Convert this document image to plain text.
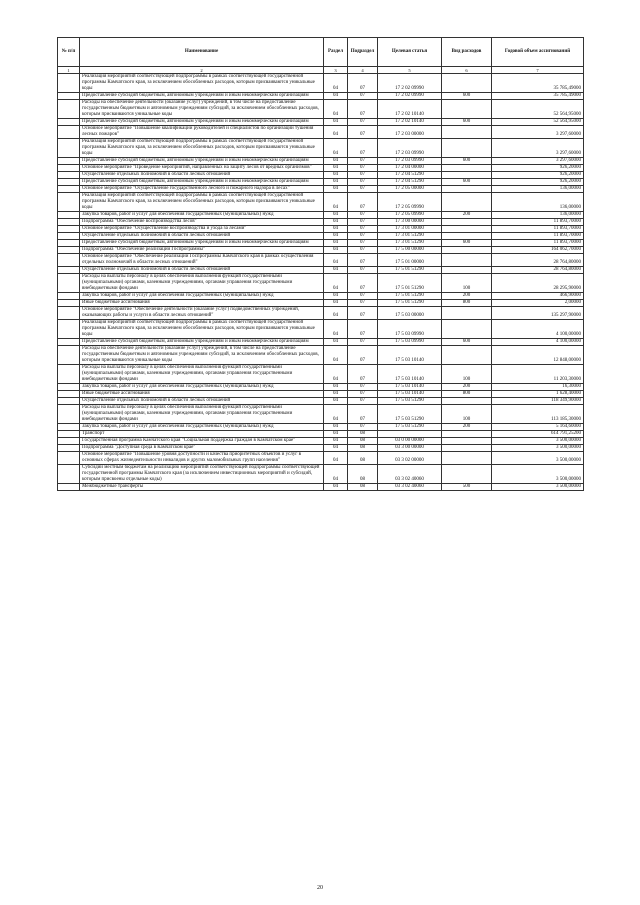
№ п/п	Наименование	Раздел	Подраздел	Целевая статья	Вид расходов	Годовой объем ассигнований
1	2	3	4	5	6	7
	Реализация мероприятий соответствующей подпрограммы в рамках соответствующей государственной программы Камчатского края, за исключением обособленных расходов, которым присваиваются уникальные коды	04	07	17 2 02 09990		35 785,49000
	Предоставление субсидий бюджетным, автономным учреждениям и иным некоммерческим организациям	04	07	17 2 02 09990	600	35 785,49000
	Расходы на обеспечение деятельности (оказание услуг) учреждений, в том числе на предоставление государственным бюджетным и автономным учреждениям субсидий, за исключением обособленных расходов, которым присваиваются уникальные коды	04	07	17 2 02 10140		52 564,95000
	Предоставление субсидий бюджетным, автономным учреждениям и иным некоммерческим организациям	04	07	17 2 02 10140	600	52 564,95000
	Основное мероприятие "Повышение квалификации руководителей и специалистов по организации тушения лесных пожаров"	04	07	17 2 03 00000		3 297,60000
	Реализация мероприятий соответствующей подпрограммы в рамках соответствующей государственной программы Камчатского края, за исключением обособленных расходов, которым присваиваются уникальные коды	04	07	17 2 03 09990		3 297,60000
	Предоставление субсидий бюджетным, автономным учреждениям и иным некоммерческим организациям	04	07	17 2 03 09990	600	3 297,60000
	Основное мероприятие "Проведение мероприятий, направленных на защиту лесов от вредных организмов"	04	07	17 2 04 00000		926,20000
	Осуществление отдельных полномочий в области лесных отношений	04	07	17 2 04 51290		926,20000
	Предоставление субсидий бюджетным, автономным учреждениям и иным некоммерческим организациям	04	07	17 2 04 51290	600	926,20000
	Основное мероприятие "Осуществление государственного лесного и пожарного надзора в лесах"	04	07	17 2 05 00000		136,00000
	Реализация мероприятий соответствующей подпрограммы в рамках соответствующей государственной программы Камчатского края, за исключением обособленных расходов, которым присваиваются уникальные коды	04	07	17 2 05 09990		136,00000
	Закупка товаров, работ и услуг для обеспечения государственных (муниципальных) нужд	04	07	17 2 05 09990	200	136,00000
	Подпрограмма "Обеспечение воспроизводства лесов"	04	07	17 3 00 00000		11 893,70000
	Основное мероприятие "Осуществление воспроизводства и ухода за лесами"	04	07	17 3 01 00000		11 893,70000
	Осуществление отдельных полномочий в области лесных отношений	04	07	17 3 01 51290		11 893,70000
	Предоставление субсидий бюджетным, автономным учреждениям и иным некоммерческим организациям	04	07	17 3 01 51290	600	11 893,70000
	Подпрограмма "Обеспечение реализации Госпрограммы"	04	07	17 5 00 00000		164 062,70000
	Основное мероприятие "Обеспечение реализации Госпрограммы Камчатского края в рамках осуществления отдельных полномочий в области лесных отношений"	04	07	17 5 01 00000		28 764,80000
	Осуществление отдельных полномочий в области лесных отношений	04	07	17 5 01 51290		28 764,80000
	Расходы на выплаты персоналу в целях обеспечения выполнения функций государственными (муниципальными) органами, казенными учреждениями, органами управления государственными внебюджетными фондами	04	07	17 5 01 51290	100	28 295,90000
	Закупка товаров, работ и услуг для обеспечения государственных (муниципальных) нужд	04	07	17 5 01 51290	200	466,90000
	Иные бюджетные ассигнования	04	07	17 5 01 51290	800	2,00000
	Основное мероприятие "Обеспечение деятельности (оказание услуг) подведомственных учреждений, оказывающих работы и услуги в области лесных отношений"	04	07	17 5 03 00000		135 297,90000
	Реализация мероприятий соответствующей подпрограммы в рамках соответствующей государственной программы Камчатского края, за исключением обособленных расходов, которым присваиваются уникальные коды	04	07	17 5 03 09990		4 100,00000
	Предоставление субсидий бюджетным, автономным учреждениям и иным некоммерческим организациям	04	07	17 5 03 09990	600	4 100,00000
	Расходы на обеспечение деятельности (оказание услуг) учреждений, в том числе на предоставление государственным бюджетным и автономным учреждениям субсидий, за исключением обособленных расходов, которым присваиваются уникальные коды	04	07	17 5 03 10140		12 848,00000
	Расходы на выплаты персоналу в целях обеспечения выполнения функций государственными (муниципальными) органами, казенными учреждениями, органами управления государственными внебюджетными фондами	04	07	17 5 03 10140	100	11 203,30000
	Закупка товаров, работ и услуг для обеспечения государственных (муниципальных) нужд	04	07	17 5 03 10140	200	16,30000
	Иные бюджетные ассигнования	04	07	17 5 03 10140	800	1 628,40000
	Осуществление отдельных полномочий в области лесных отношений	04	07	17 5 03 51290		118 349,90000
	Расходы на выплаты персоналу в целях обеспечения выполнения функций государственными (муниципальными) органами, казенными учреждениями, органами управления государственными внебюджетными фондами	04	07	17 5 03 51290	100	113 185,30000
	Закупка товаров, работ и услуг для обеспечения государственных (муниципальных) нужд	04	07	17 5 03 51290	200	5 164,60000
	Транспорт	04	08			614 791,25200
	Государственная программа Камчатского края "Социальная поддержка граждан в Камчатском крае"	04	08	03 0 00 00000		3 500,00000
	Подпрограмма "Доступная среда в Камчатском крае"	04	08	03 3 00 00000		3 500,00000
	Основное мероприятие "Повышение уровня доступности и качества приоритетных объектов и услуг в основных сферах жизнедеятельности инвалидов и других маломобильных групп населения"	04	08	03 3 02 00000		3 500,00000
	Субсидии местным бюджетам на реализацию мероприятий соответствующей подпрограммы соответствующей государственной программы Камчатского края (за исключением инвестиционных мероприятий и субсидий, которым присвоены отдельные коды)	04	08	03 3 02 40060		3 500,00000
	Межбюджетные трансферты	04	08	03 3 02 40060	500	3 500,00000
20
